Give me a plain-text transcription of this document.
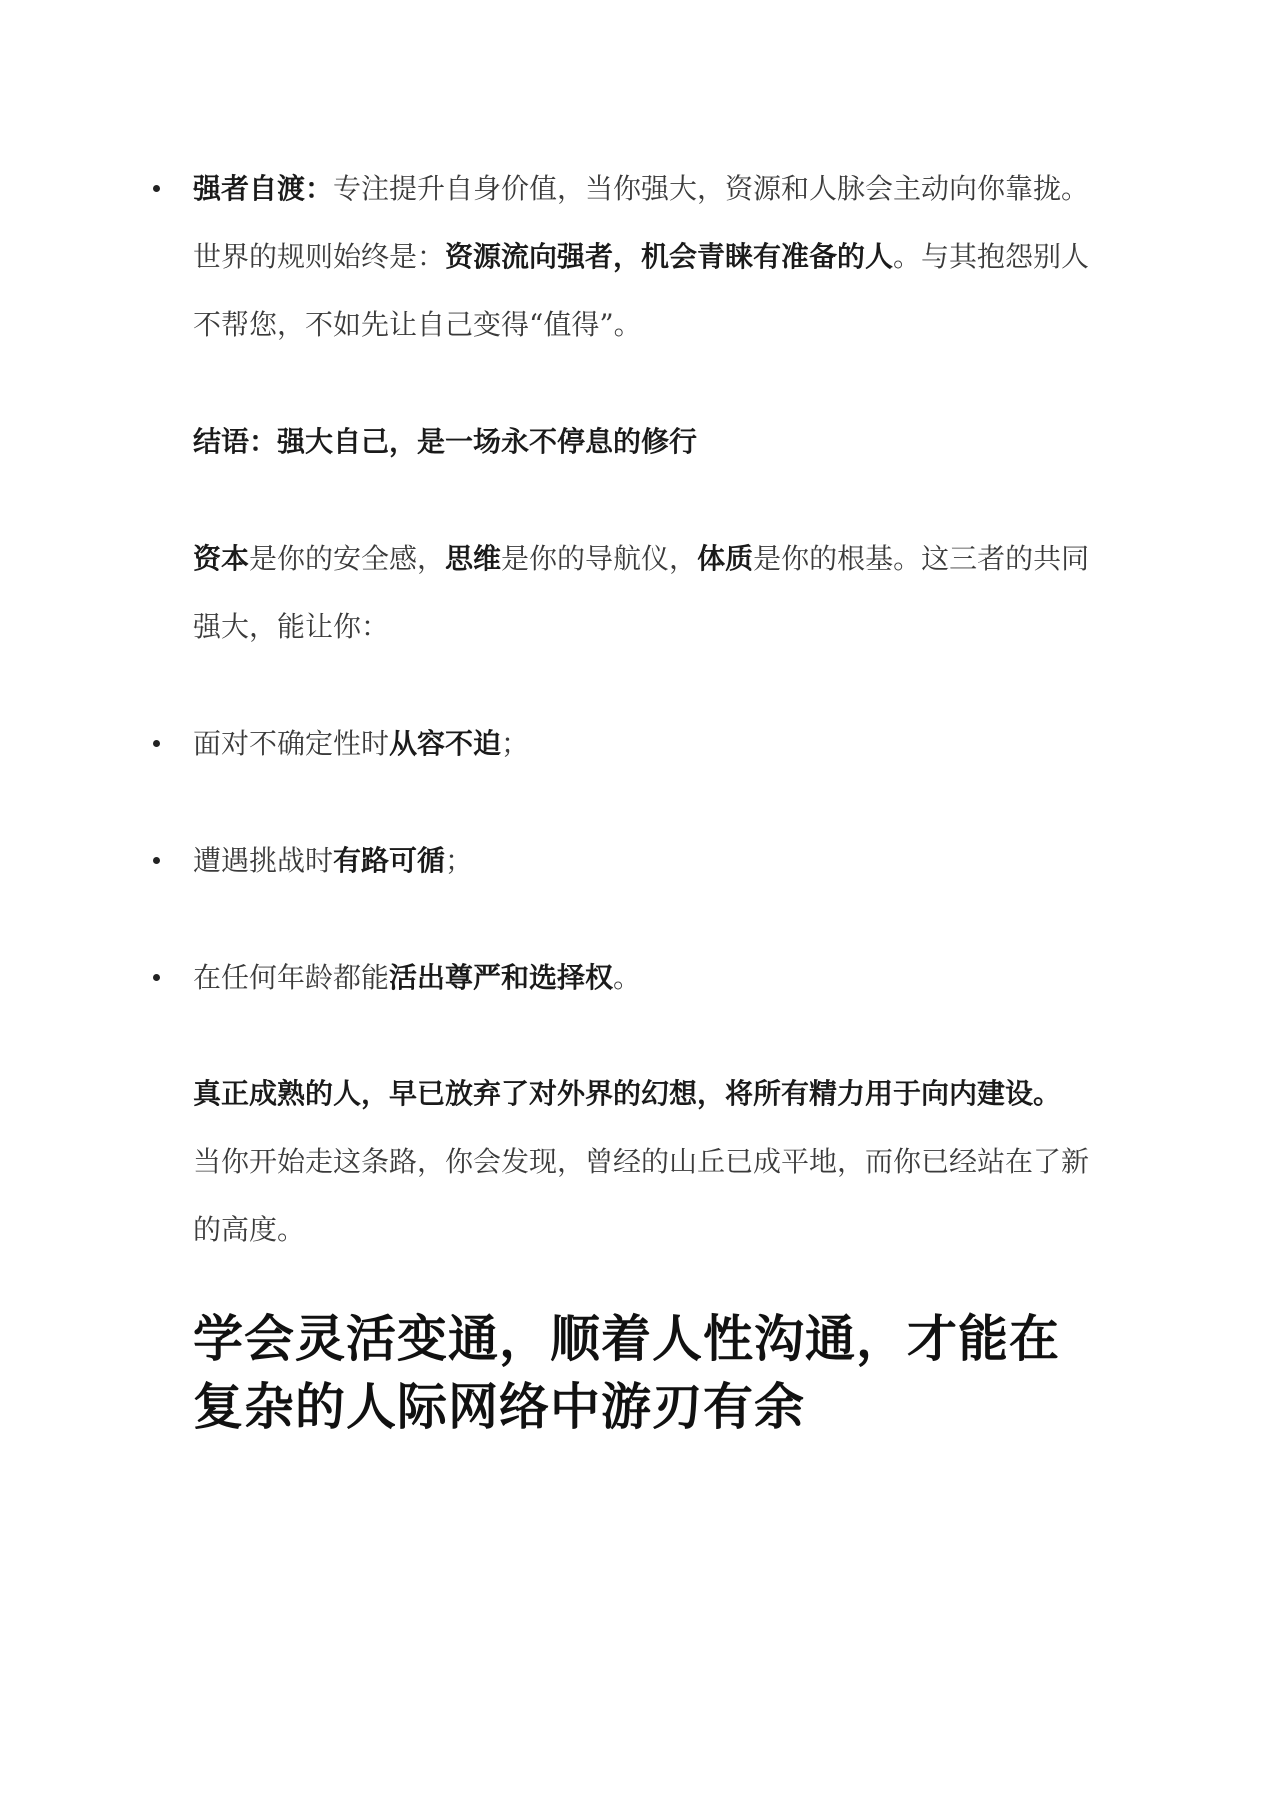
强者自渡：专注提升自身价值，当你强大，资源和人脉会主动向你靠拢。世界的规则始终是：资源流向强者，机会青睐有准备的人。与其抱怨别人不帮您，不如先让自己变得“值得”。
结语：强大自己，是一场永不停息的修行
资本是你的安全感，思维是你的导航仪，体质是你的根基。这三者的共同强大，能让你：
面对不确定性时从容不迫；
遭遇挑战时有路可循；
在任何年龄都能活出尊严和选择权。
真正成熟的人，早已放弃了对外界的幻想，将所有精力用于向内建设。 当你开始走这条路，你会发现，曾经的山丘已成平地，而你已经站在了新的高度。
学会灵活变通，顺着人性沟通，才能在复杂的人际网络中游刃有余
